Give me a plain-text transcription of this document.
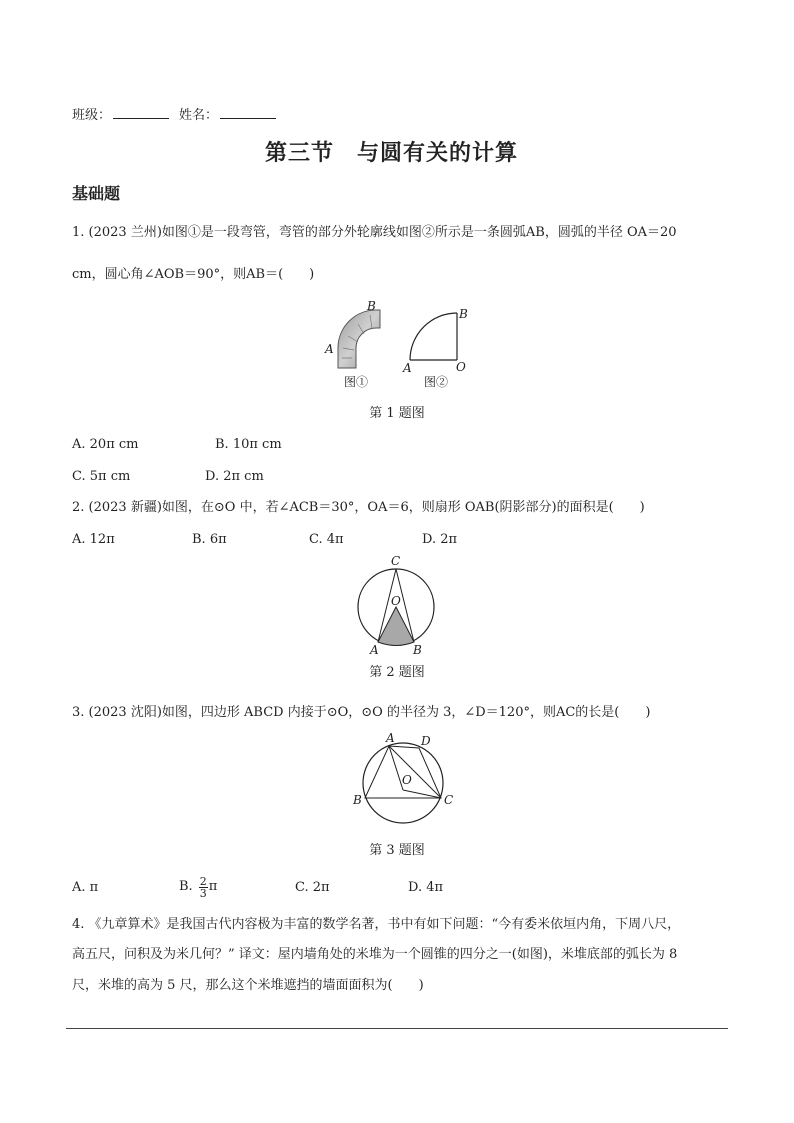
班级：	姓名：
第三节　与圆有关的计算
基础题
1. (2023 兰州)如图①是一段弯管，弯管的部分外轮廓线如图②所示是一条圆弧AB，圆弧的半径 OA＝20
cm，圆心角∠AOB＝90°，则AB＝(　　)
A
B
A
B
O
图①	图②
第 1 题图
A. 20π cm	B. 10π cm
C. 5π cm	D. 2π cm
2. (2023 新疆)如图，在⊙O 中，若∠ACB＝30°，OA＝6，则扇形 OAB(阴影部分)的面积是(　　)
A. 12π	B. 6π	C. 4π	D. 2π
C
O
A	B
第 2 题图
3. (2023 沈阳)如图，四边形 ABCD 内接于⊙O，⊙O 的半径为 3，∠D＝120°，则AC的长是(　　)
A D
O
B	C
第 3 题图
A. π	B. $\frac{2}{3}$ π	C. 2π	D. 4π
4. 《九章算术》是我国古代内容极为丰富的数学名著，书中有如下问题：“今有委米依垣内角，下周八尺，
高五尺，问积及为米几何？” 译文：屋内墙角处的米堆为一个圆锥的四分之一(如图)，米堆底部的弧长为 8
尺，米堆的高为 5 尺，那么这个米堆遮挡的墙面面积为(　　)
